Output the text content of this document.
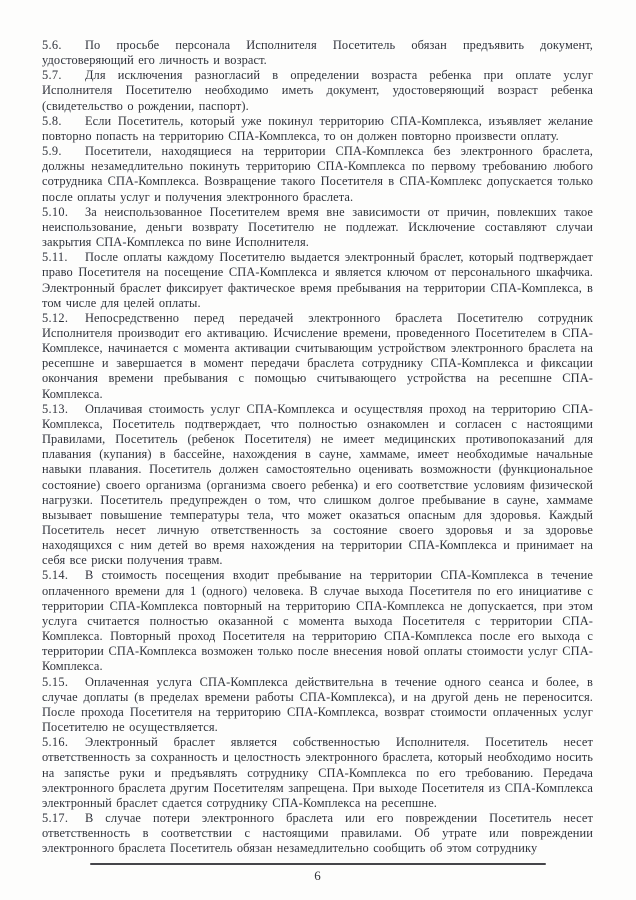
5.6. По просьбе персонала Исполнителя Посетитель обязан предъявить документ, удостоверяющий его личность и возраст.

5.7. Для исключения разногласий в определении возраста ребенка при оплате услуг Исполнителя Посетителю необходимо иметь документ, удостоверяющий возраст ребенка (свидетельство о рождении, паспорт).

5.8. Если Посетитель, который уже покинул территорию СПА-Комплекса, изъявляет желание повторно попасть на территорию СПА-Комплекса, то он должен повторно произвести оплату.

5.9. Посетители, находящиеся на территории СПА-Комплекса без электронного браслета, должны незамедлительно покинуть территорию СПА-Комплекса по первому требованию любого сотрудника СПА-Комплекса. Возвращение такого Посетителя в СПА-Комплекс допускается только после оплаты услуг и получения электронного браслета.

5.10. За неиспользованное Посетителем время вне зависимости от причин, повлекших такое неиспользование, деньги возврату Посетителю не подлежат. Исключение составляют случаи закрытия СПА-Комплекса по вине Исполнителя.

5.11. После оплаты каждому Посетителю выдается электронный браслет, который подтверждает право Посетителя на посещение СПА-Комплекса и является ключом от персонального шкафчика. Электронный браслет фиксирует фактическое время пребывания на территории СПА-Комплекса, в том числе для целей оплаты.

5.12. Непосредственно перед передачей электронного браслета Посетителю сотрудник Исполнителя производит его активацию. Исчисление времени, проведенного Посетителем в СПА-Комплексе, начинается с момента активации считывающим устройством электронного браслета на ресепшне и завершается в момент передачи браслета сотруднику СПА-Комплекса и фиксации окончания времени пребывания с помощью считывающего устройства на ресепшне СПА-Комплекса.

5.13. Оплачивая стоимость услуг СПА-Комплекса и осуществляя проход на территорию СПА-Комплекса, Посетитель подтверждает, что полностью ознакомлен и согласен с настоящими Правилами, Посетитель (ребенок Посетителя) не имеет медицинских противопоказаний для плавания (купания) в бассейне, нахождения в сауне, хаммаме, имеет необходимые начальные навыки плавания. Посетитель должен самостоятельно оценивать возможности (функциональное состояние) своего организма (организма своего ребенка) и его соответствие условиям физической нагрузки. Посетитель предупрежден о том, что слишком долгое пребывание в сауне, хаммаме вызывает повышение температуры тела, что может оказаться опасным для здоровья. Каждый Посетитель несет личную ответственность за состояние своего здоровья и за здоровье находящихся с ним детей во время нахождения на территории СПА-Комплекса и принимает на себя все риски получения травм.

5.14. В стоимость посещения входит пребывание на территории СПА-Комплекса в течение оплаченного времени для 1 (одного) человека. В случае выхода Посетителя по его инициативе с территории СПА-Комплекса повторный на территорию СПА-Комплекса не допускается, при этом услуга считается полностью оказанной с момента выхода Посетителя с территории СПА-Комплекса. Повторный проход Посетителя на территорию СПА-Комплекса после его выхода с территории СПА-Комплекса возможен только после внесения новой оплаты стоимости услуг СПА-Комплекса.

5.15. Оплаченная услуга СПА-Комплекса действительна в течение одного сеанса и более, в случае доплаты (в пределах времени работы СПА-Комплекса), и на другой день не переносится. После прохода Посетителя на территорию СПА-Комплекса, возврат стоимости оплаченных услуг Посетителю не осуществляется.

5.16. Электронный браслет является собственностью Исполнителя. Посетитель несет ответственность за сохранность и целостность электронного браслета, который необходимо носить на запястье руки и предъявлять сотруднику СПА-Комплекса по его требованию. Передача электронного браслета другим Посетителям запрещена. При выходе Посетителя из СПА-Комплекса электронный браслет сдается сотруднику СПА-Комплекса на ресепшне.

5.17. В случае потери электронного браслета или его повреждении Посетитель несет ответственность в соответствии с настоящими правилами. Об утрате или повреждении электронного браслета Посетитель обязан незамедлительно сообщить об этом сотруднику

6
